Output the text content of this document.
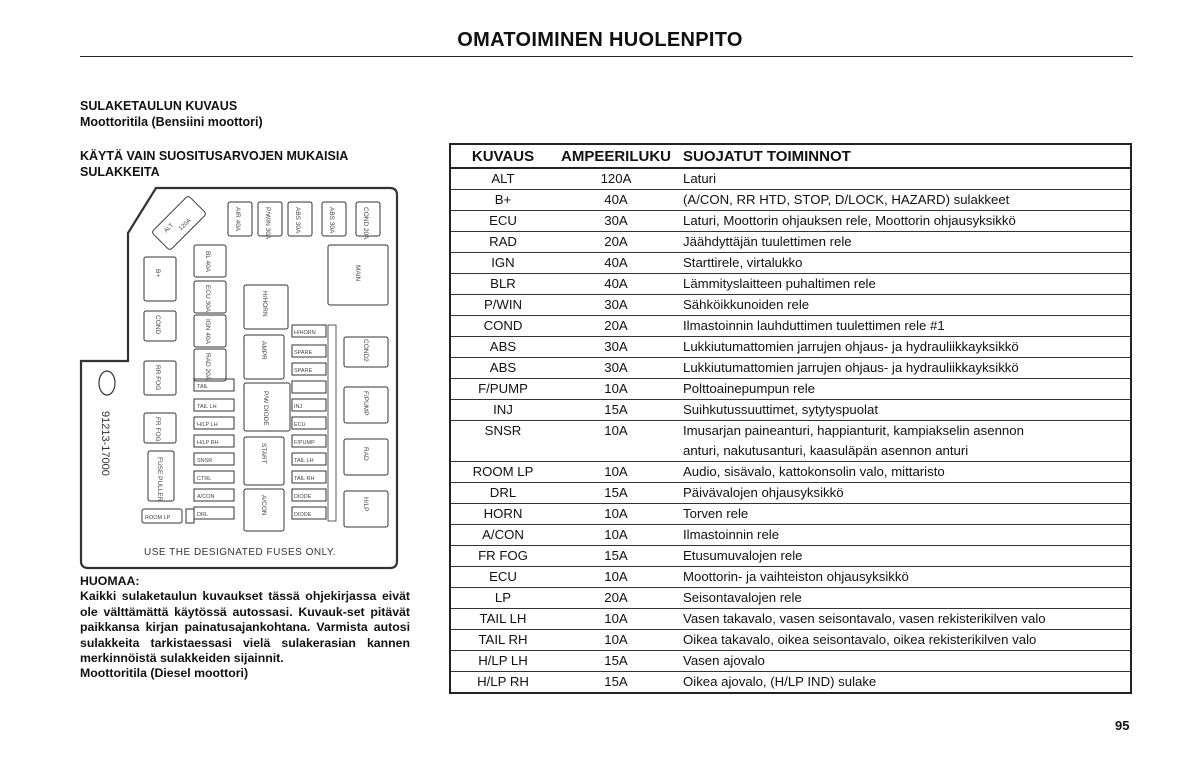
OMATOIMINEN HUOLENPITO
SULAKETAULUN KUVAUS
Moottoritila (Bensiini moottori)
KÄYTÄ VAIN SUOSITUSARVOJEN MUKAISIA
SULAKKEITA
ALT 120A	AIR 40A	P/WIN 30A	ABS 30A	ABS 30A	COND 20A
B+
COND
RR FOG
FR FOG
FUSE PULLER
ROOM LP
91213-17000
BL 40A
ECU 30A
IGN 40A
RAD 20A
H/HORN
AMPR
P/W DIODE
START
A/CON
TAIL
TAIL LH
H/LP LH
H/LP RH
SNSR
CTRL
A/CON
DRL
H/HORN
SPARE
SPARE
INJ
ECU
F/PUMP
TAIL LH
TAIL RH
DIODE
DIODE
MAIN
COND2
F/PUMP
RAD
H/LP
USE THE DESIGNATED FUSES ONLY.
HUOMAA:
Kaikki sulaketaulun kuvaukset tässä ohjekirjassa eivät ole välttämättä käytössä autossasi. Kuvauk-set pitävät paikkansa kirjan painatusajankohtana. Varmista autosi sulakkeita tarkistaessasi vielä sulakerasian kannen merkinnöistä sulakkeiden sijainnit.
Moottoritila (Diesel moottori)
KUVAUS	AMPEERILUKU	SUOJATUT TOIMINNOT
ALT	120A	Laturi
B+	40A	(A/CON, RR HTD, STOP, D/LOCK, HAZARD) sulakkeet
ECU	30A	Laturi, Moottorin ohjauksen rele, Moottorin ohjausyksikkö
RAD	20A	Jäähdyttäjän tuulettimen rele
IGN	40A	Starttirele, virtalukko
BLR	40A	Lämmityslaitteen puhaltimen rele
P/WIN	30A	Sähköikkunoiden rele
COND	20A	Ilmastoinnin lauhduttimen tuulettimen rele #1
ABS	30A	Lukkiutumattomien jarrujen ohjaus- ja hydrauliikkayksikkö
ABS	30A	Lukkiutumattomien jarrujen ohjaus- ja hydrauliikkayksikkö
F/PUMP	10A	Polttoainepumpun rele
INJ	15A	Suihkutussuuttimet, sytytyspuolat
SNSR	10A	Imusarjan paineanturi, happianturit, kampiakselin asennon
		anturi, nakutusanturi, kaasuläpän asennon anturi
ROOM LP	10A	Audio, sisävalo, kattokonsolin valo, mittaristo
DRL	15A	Päivävalojen ohjausyksikkö
HORN	10A	Torven rele
A/CON	10A	Ilmastoinnin rele
FR FOG	15A	Etusumuvalojen rele
ECU	10A	Moottorin- ja vaihteiston ohjausyksikkö
LP	20A	Seisontavalojen rele
TAIL LH	10A	Vasen takavalo, vasen seisontavalo, vasen rekisterikilven valo
TAIL RH	10A	Oikea takavalo, oikea seisontavalo, oikea rekisterikilven valo
H/LP LH	15A	Vasen ajovalo
H/LP RH	15A	Oikea ajovalo, (H/LP IND) sulake
95
